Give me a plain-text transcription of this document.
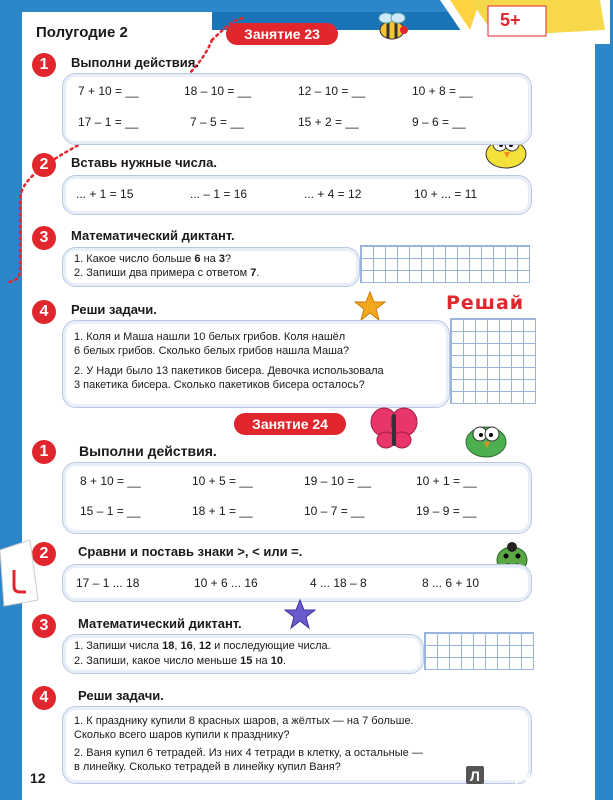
Полугодие 2
5+
Занятие 23
1	Выполни действия.
7 + 10 = __	18 – 10 = __	12 – 10 = __	10 + 8 = __
17 – 1 = __	7 – 5 = __	15 + 2 = __	9 – 6 = __
2	Вставь нужные числа.
... + 1 = 15	... – 1 = 16	... + 4 = 12	10 + ... = 11
3	Математический диктант.
1. Какое число больше 6 на 3?
2. Запиши два примера с ответом 7.
4	Реши задачи.	Решай
1. Коля и Маша нашли 10 белых грибов. Коля нашёл
6 белых грибов. Сколько белых грибов нашла Маша?
2. У Нади было 13 пакетиков бисера. Девочка использовала
3 пакетика бисера. Сколько пакетиков бисера осталось?
Занятие 24
1	Выполни действия.
8 + 10 = __	10 + 5 = __	19 – 10 = __	10 + 1 = __
15 – 1 = __	18 + 1 = __	10 – 7 = __	19 – 9 = __
2	Сравни и поставь знаки >, < или =.
17 – 1 ... 18	10 + 6 ... 16	4 ... 18 – 8	8 ... 6 + 10
3	Математический диктант.
1. Запиши числа 18, 16, 12 и последующие числа.
2. Запиши, какое число меньше 15 на 10.
4	Реши задачи.
1. К празднику купили 8 красных шаров, а жёлтых — на 7 больше.
Сколько всего шаров купили к празднику?
2. Ваня купил 6 тетрадей. Из них 4 тетради в клетку, а остальные —
в линейку. Сколько тетрадей в линейку купил Ваня?
12	Л инт.ру
